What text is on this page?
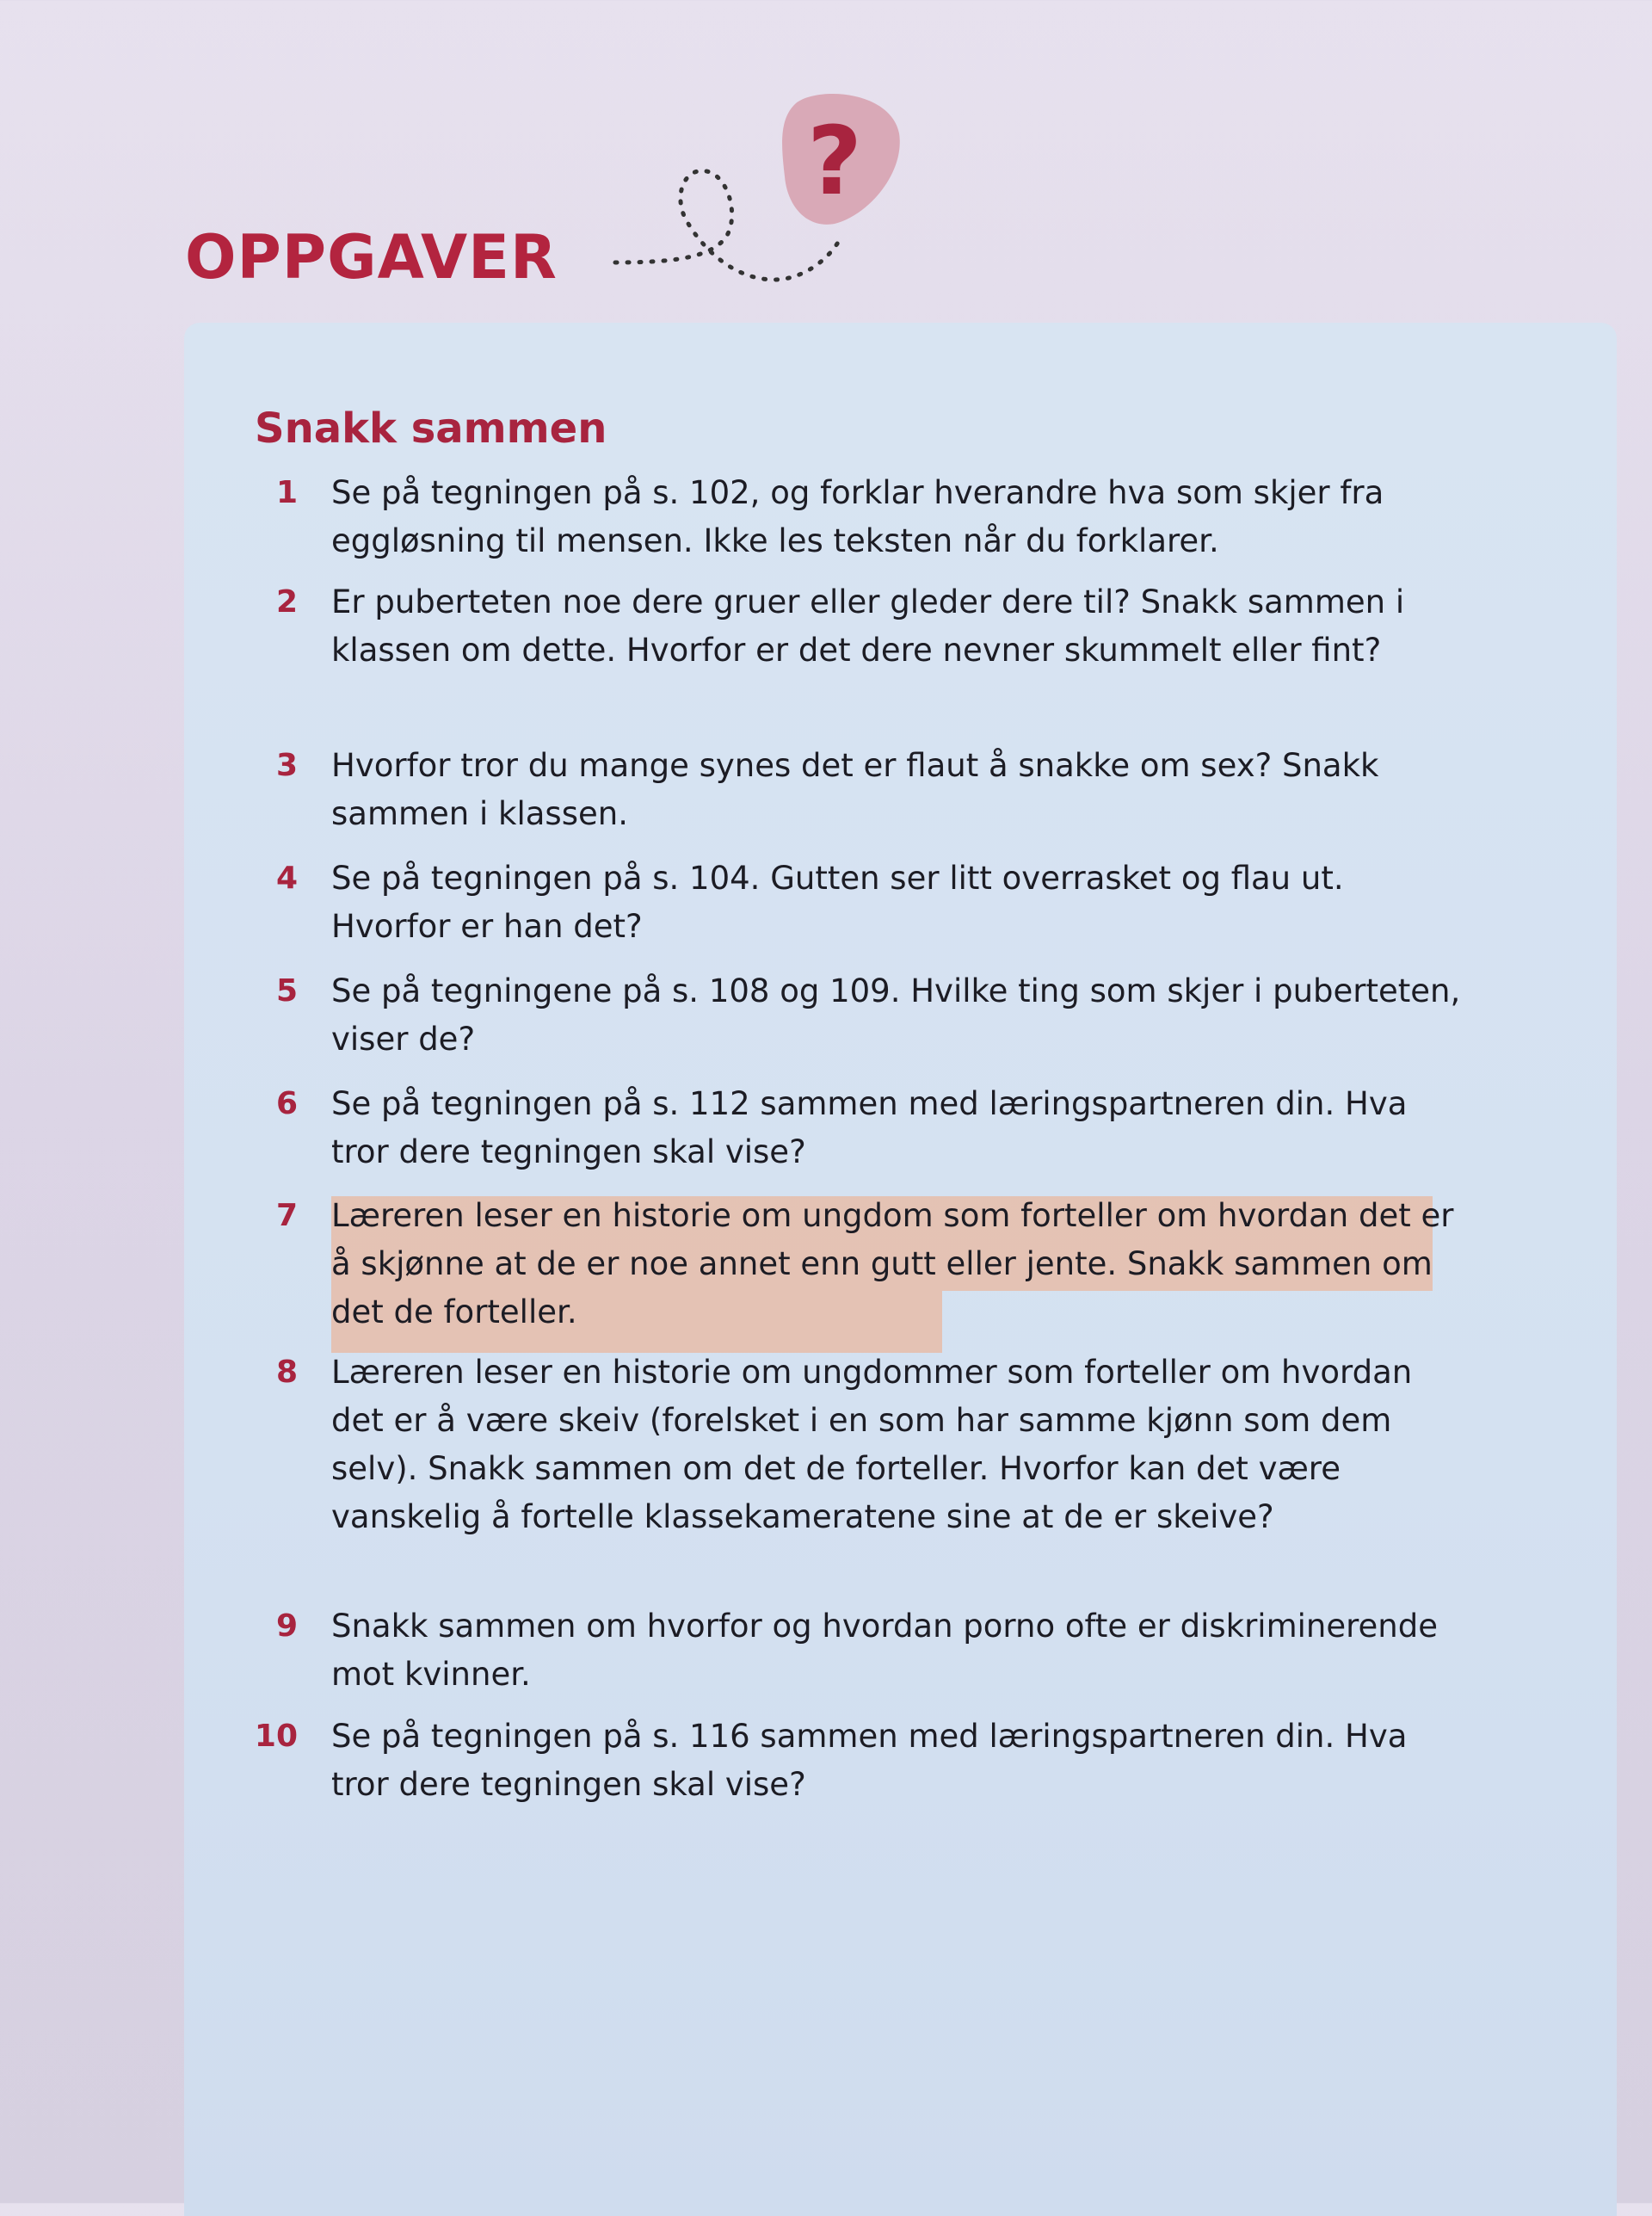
OPPGAVER
?
Snakk sammen
1 Se på tegningen på s. 102, og forklar hverandre hva som skjer fra eggløsning til mensen. Ikke les teksten når du forklarer.

2 Er puberteten noe dere gruer eller gleder dere til? Snakk sammen i klassen om dette. Hvorfor er det dere nevner skummelt eller fint?

3 Hvorfor tror du mange synes det er flaut å snakke om sex? Snakk sammen i klassen.

4 Se på tegningen på s. 104. Gutten ser litt overrasket og flau ut. Hvorfor er han det?

5 Se på tegningene på s. 108 og 109. Hvilke ting som skjer i puberteten, viser de?

6 Se på tegningen på s. 112 sammen med læringspartneren din. Hva tror dere tegningen skal vise?

7 Læreren leser en historie om ungdom som forteller om hvordan det er å skjønne at de er noe annet enn gutt eller jente. Snakk sammen om det de forteller.

8 Læreren leser en historie om ungdommer som forteller om hvordan det er å være skeiv (forelsket i en som har samme kjønn som dem selv). Snakk sammen om det de forteller. Hvorfor kan det være vanskelig å fortelle klassekameratene sine at de er skeive?

9 Snakk sammen om hvorfor og hvordan porno ofte er diskriminerende mot kvinner.

10 Se på tegningen på s. 116 sammen med læringspartneren din. Hva tror dere tegningen skal vise?
